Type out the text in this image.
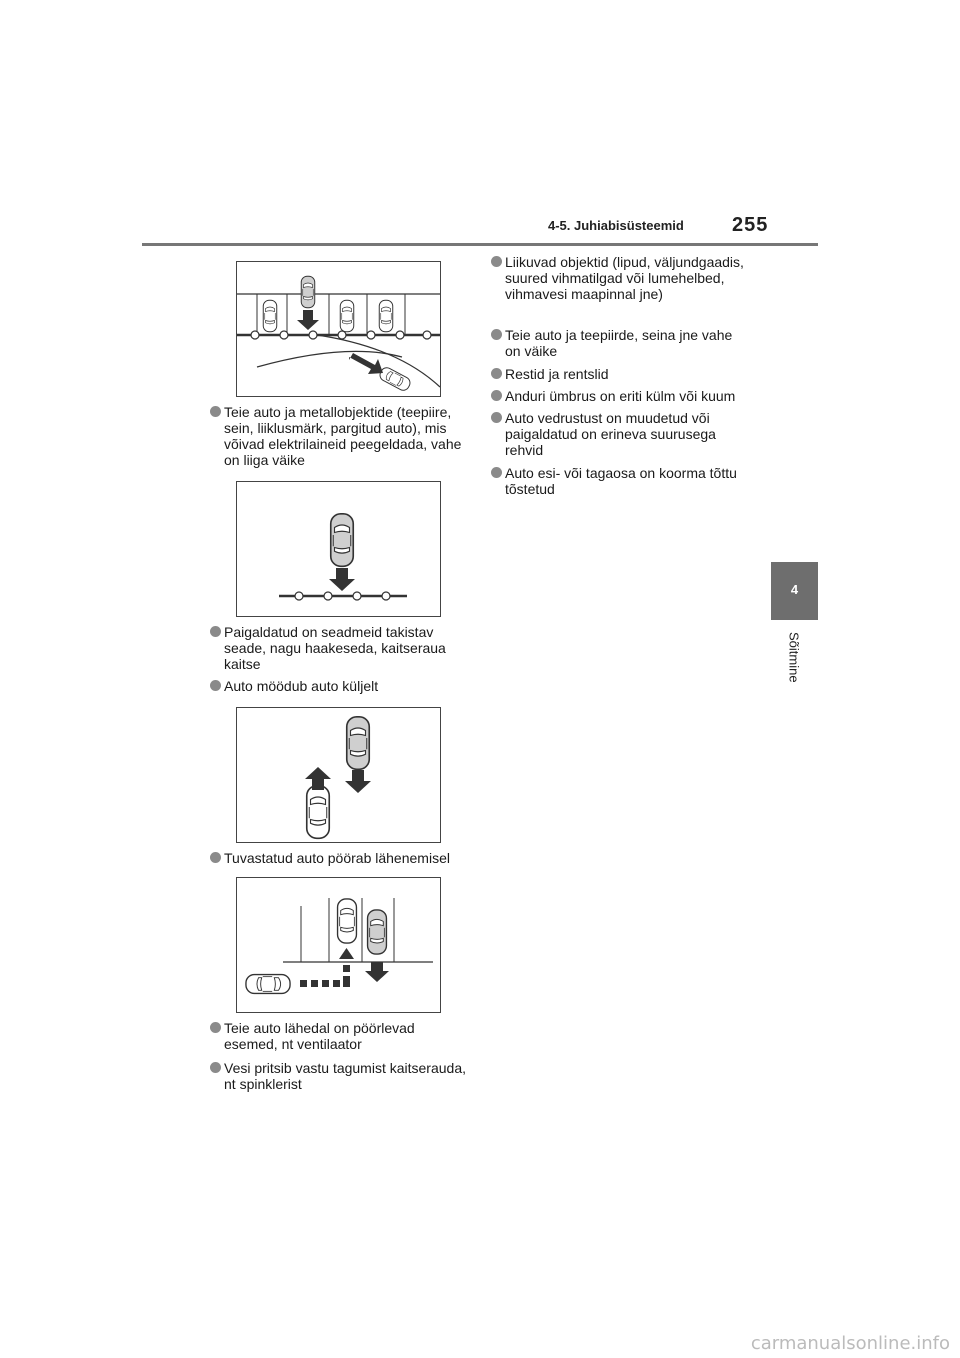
4-5. Juhiabisüsteemid 255
4
Sõitmine
Teie auto ja metallobjektide (teepiire, sein, liiklusmärk, pargitud auto), mis võivad elektrilaineid peegeldada, vahe on liiga väike
Paigaldatud on seadmeid takistav seade, nagu haakeseda, kaitseraua kaitse
Auto möödub auto küljelt
Tuvastatud auto pöörab lähenemisel
Teie auto lähedal on pöörlevad esemed, nt ventilaator
Vesi pritsib vastu tagumist kaitserauda, nt spinklerist
Liikuvad objektid (lipud, väljundgaadis, suured vihmatilgad või lumehelbed, vihmavesi maapinnal jne)
Teie auto ja teepiirde, seina jne vahe on väike
Restid ja rentslid
Anduri ümbrus on eriti külm või kuum
Auto vedrustust on muudetud või paigaldatud on erineva suurusega rehvid
Auto esi- või tagaosa on koorma tõttu tõstetud
carmanualsonline.info
